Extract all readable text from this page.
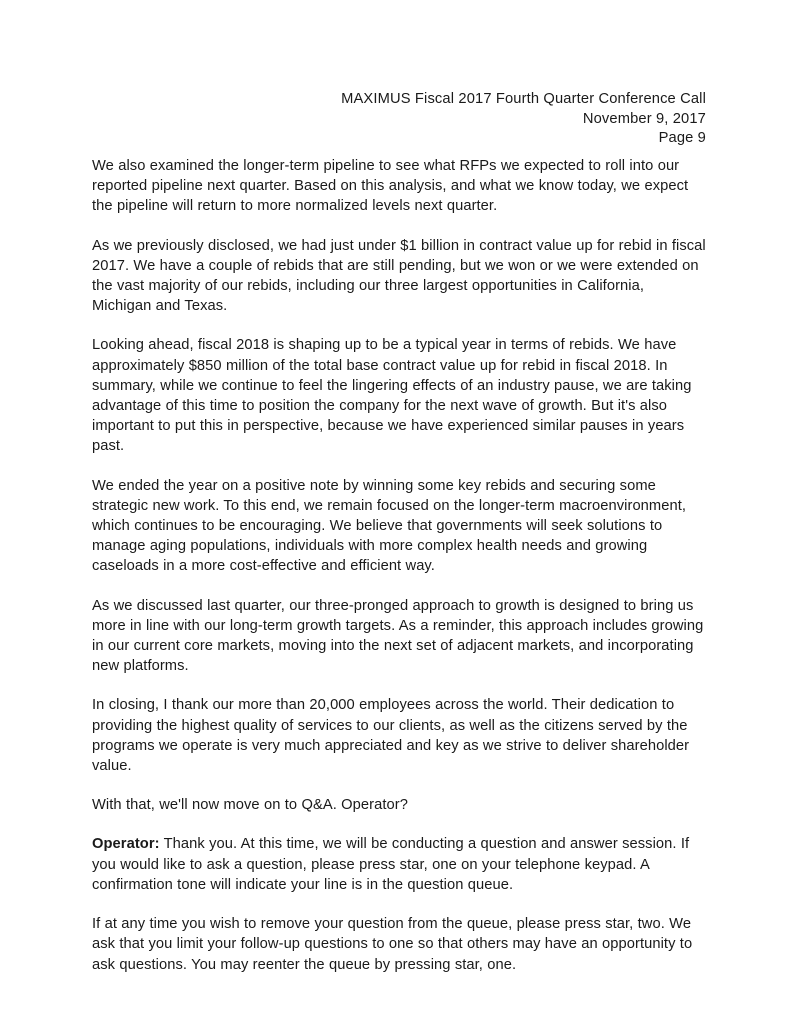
MAXIMUS Fiscal 2017 Fourth Quarter Conference Call
November 9, 2017
Page 9

We also examined the longer-term pipeline to see what RFPs we expected to roll into our reported pipeline next quarter. Based on this analysis, and what we know today, we expect the pipeline will return to more normalized levels next quarter.

As we previously disclosed, we had just under $1 billion in contract value up for rebid in fiscal 2017. We have a couple of rebids that are still pending, but we won or we were extended on the vast majority of our rebids, including our three largest opportunities in California, Michigan and Texas.

Looking ahead, fiscal 2018 is shaping up to be a typical year in terms of rebids. We have approximately $850 million of the total base contract value up for rebid in fiscal 2018. In summary, while we continue to feel the lingering effects of an industry pause, we are taking advantage of this time to position the company for the next wave of growth. But it's also important to put this in perspective, because we have experienced similar pauses in years past.

We ended the year on a positive note by winning some key rebids and securing some strategic new work. To this end, we remain focused on the longer-term macroenvironment, which continues to be encouraging. We believe that governments will seek solutions to manage aging populations, individuals with more complex health needs and growing caseloads in a more cost-effective and efficient way.

As we discussed last quarter, our three-pronged approach to growth is designed to bring us more in line with our long-term growth targets. As a reminder, this approach includes growing in our current core markets, moving into the next set of adjacent markets, and incorporating new platforms.

In closing, I thank our more than 20,000 employees across the world. Their dedication to providing the highest quality of services to our clients, as well as the citizens served by the programs we operate is very much appreciated and key as we strive to deliver shareholder value.

With that, we'll now move on to Q&A. Operator?

Operator: Thank you. At this time, we will be conducting a question and answer session. If you would like to ask a question, please press star, one on your telephone keypad. A confirmation tone will indicate your line is in the question queue.

If at any time you wish to remove your question from the queue, please press star, two. We ask that you limit your follow-up questions to one so that others may have an opportunity to ask questions. You may reenter the queue by pressing star, one.
